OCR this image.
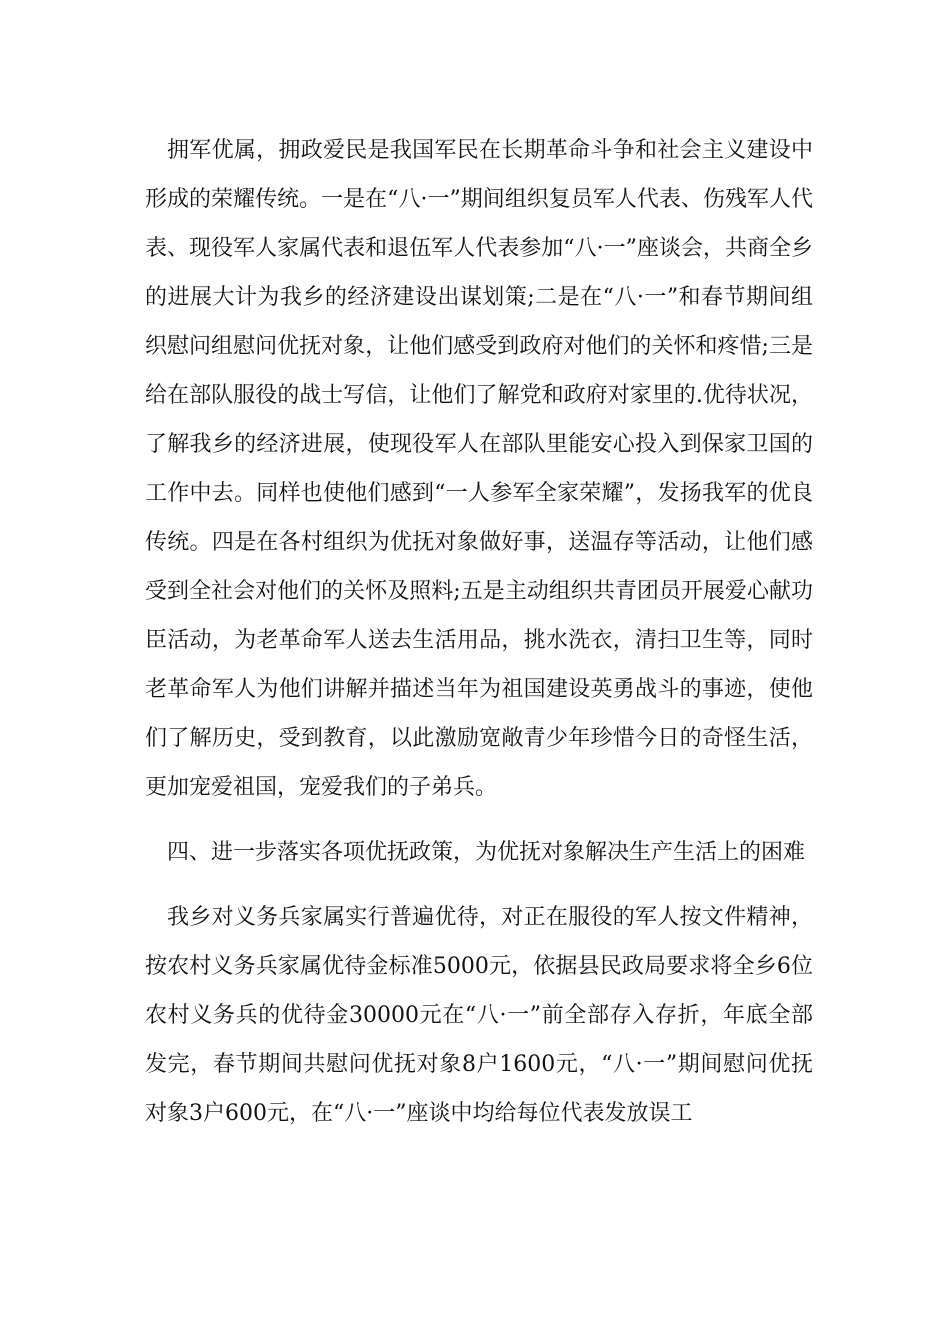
拥军优属，拥政爱民是我国军民在长期革命斗争和社会主义建设中形成的荣耀传统。一是在“八·一”期间组织复员军人代表、伤残军人代表、现役军人家属代表和退伍军人代表参加“八·一”座谈会，共商全乡的进展大计为我乡的经济建设出谋划策;二是在“八·一”和春节期间组织慰问组慰问优抚对象，让他们感受到政府对他们的关怀和疼惜;三是给在部队服役的战士写信，让他们了解党和政府对家里的.优待状况，了解我乡的经济进展，使现役军人在部队里能安心投入到保家卫国的工作中去。同样也使他们感到“一人参军全家荣耀”，发扬我军的优良传统。四是在各村组织为优抚对象做好事，送温存等活动，让他们感受到全社会对他们的关怀及照料;五是主动组织共青团员开展爱心献功臣活动，为老革命军人送去生活用品，挑水洗衣，清扫卫生等，同时老革命军人为他们讲解并描述当年为祖国建设英勇战斗的事迹，使他们了解历史，受到教育，以此激励宽敞青少年珍惜今日的奇怪生活，更加宠爱祖国，宠爱我们的子弟兵。

四、进一步落实各项优抚政策，为优抚对象解决生产生活上的困难

我乡对义务兵家属实行普遍优待，对正在服役的军人按文件精神，按农村义务兵家属优待金标准5000元，依据县民政局要求将全乡6位农村义务兵的优待金30000元在“八·一”前全部存入存折，年底全部发完，春节期间共慰问优抚对象8户1600元，“八·一”期间慰问优抚对象3户600元，在“八·一”座谈中均给每位代表发放误工
